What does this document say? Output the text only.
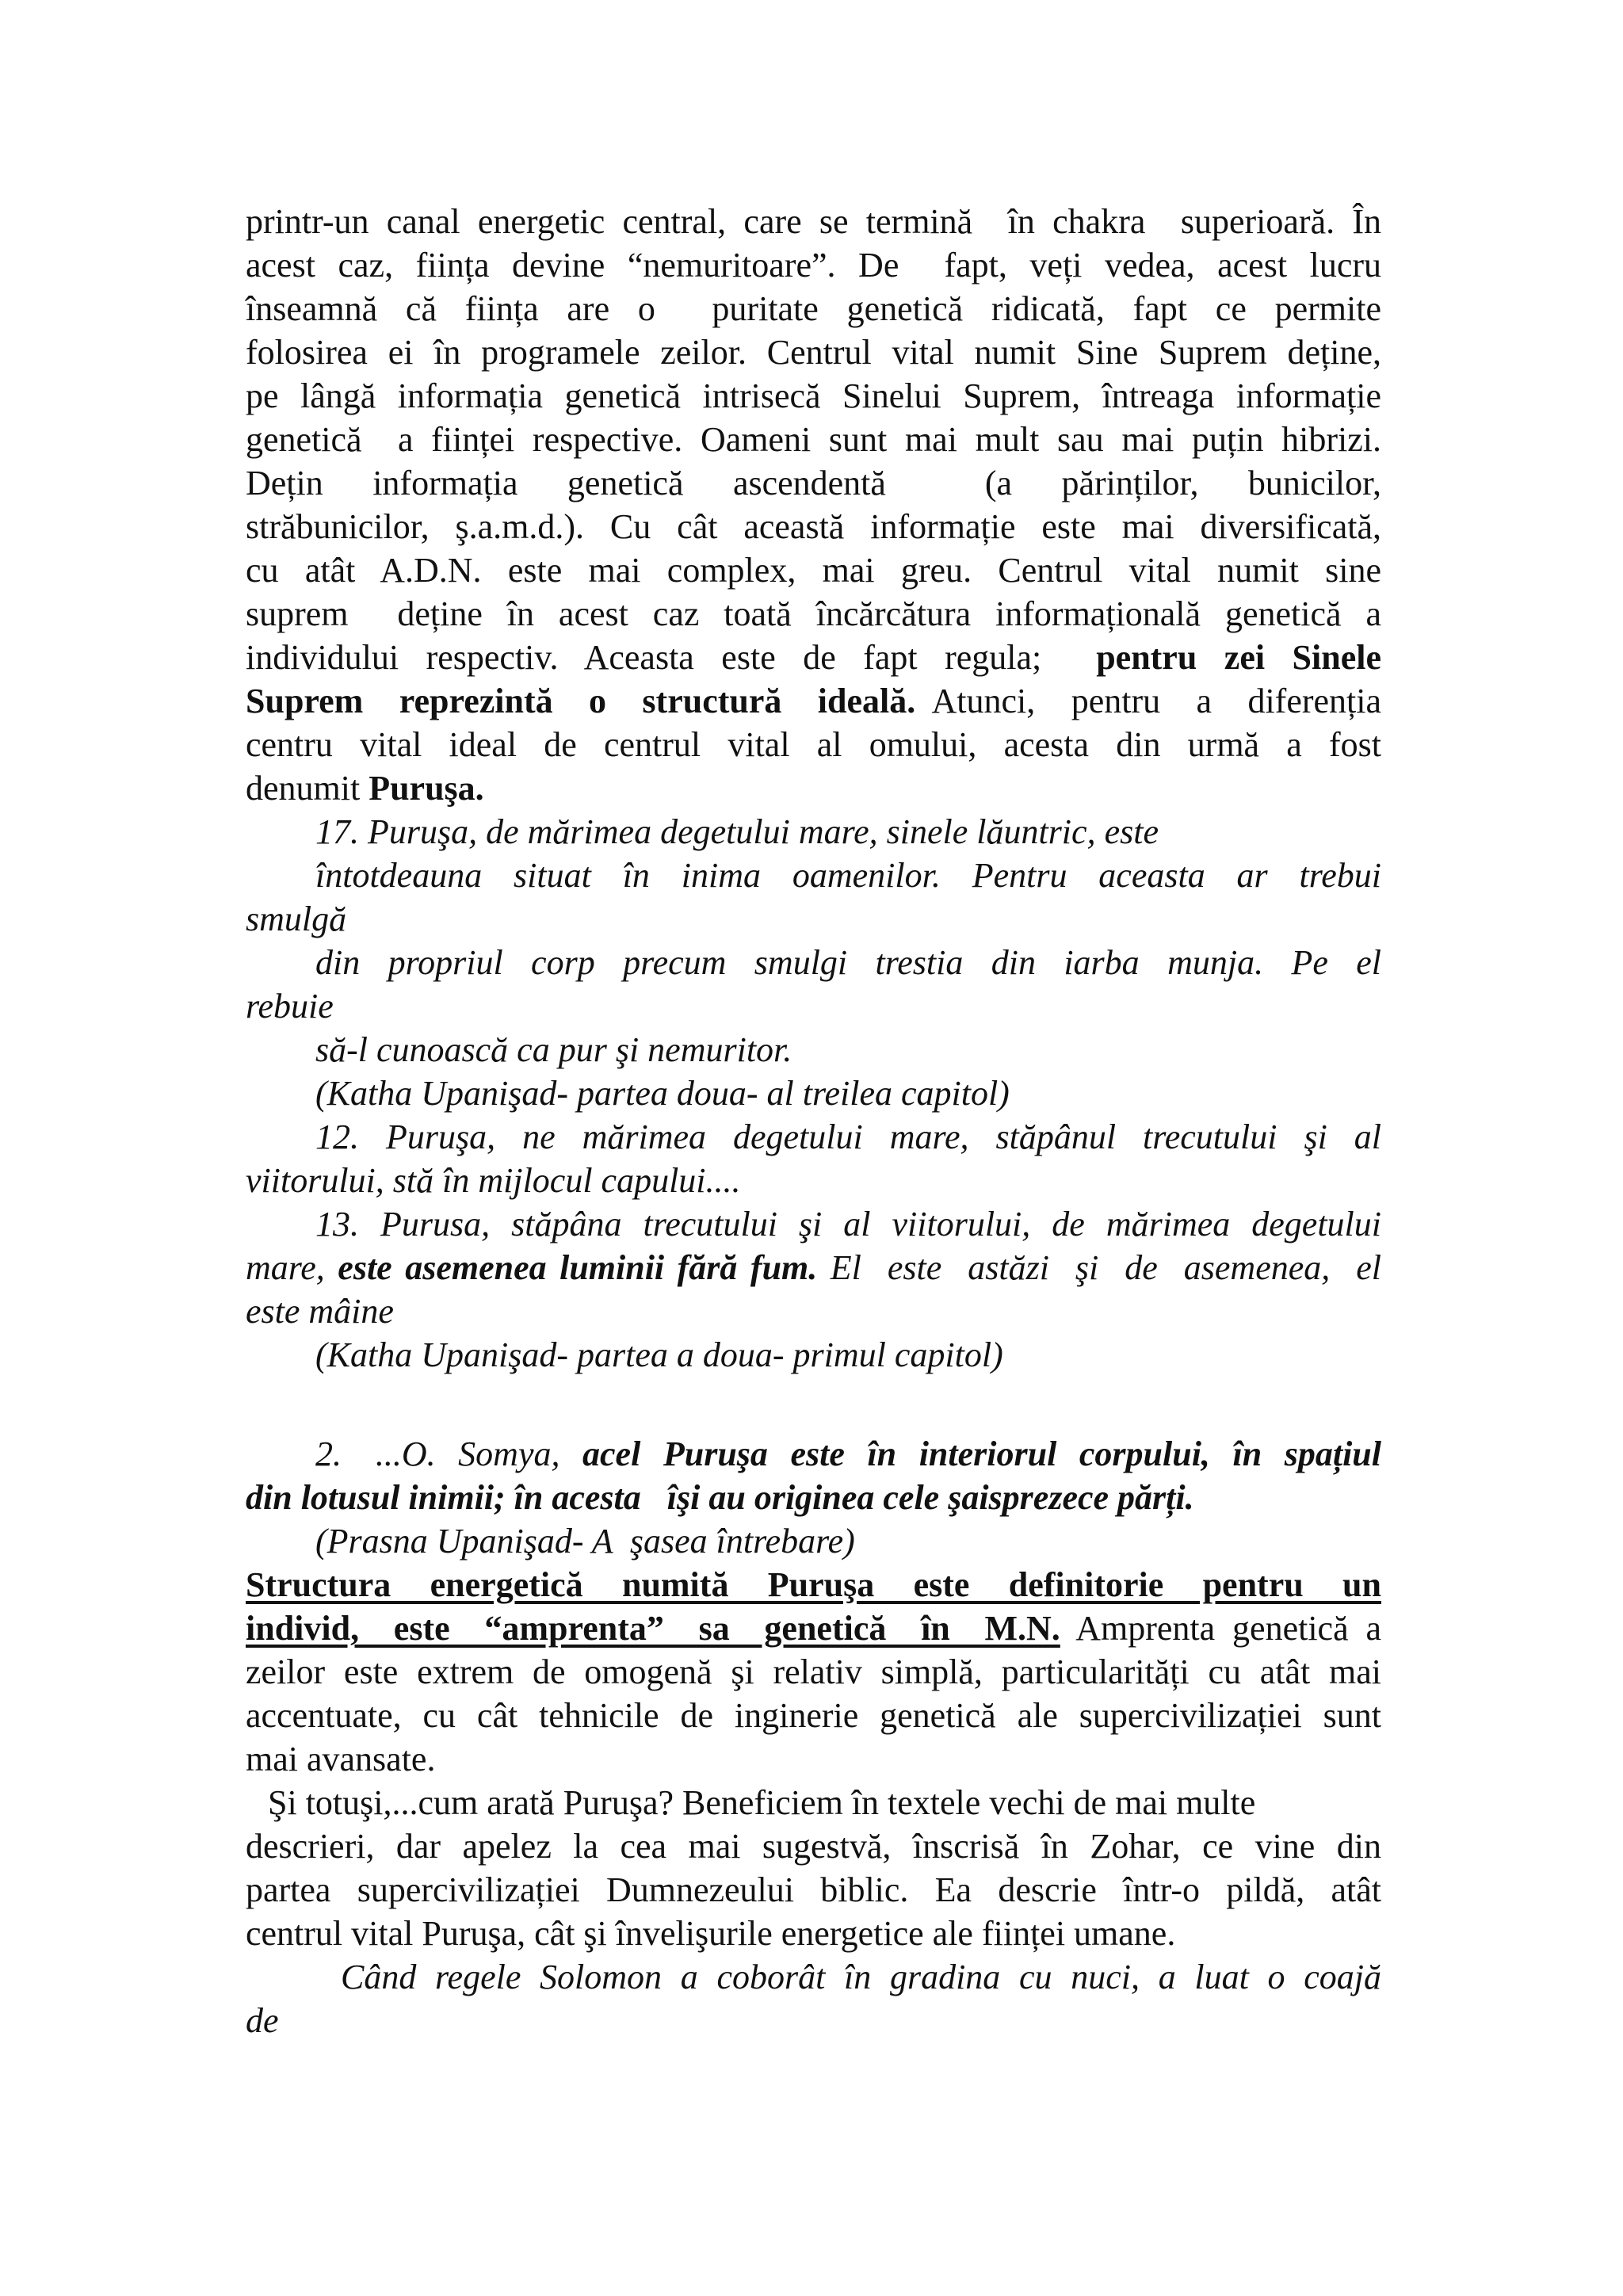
printr-un canal energetic central, care se termină  în chakra  superioară. În

acest caz, ființa devine “nemuritoare”. De  fapt, veți vedea, acest lucru

înseamnă că ființa are o  puritate genetică ridicată, fapt ce permite

folosirea ei în programele zeilor. Centrul vital numit Sine Suprem deține,

pe lângă informația genetică intrisecă Sinelui Suprem, întreaga informație

genetică  a ființei respective. Oameni sunt mai mult sau mai puțin hibrizi.

Dețin  informația  genetică  ascendentă    (a  părinților,  bunicilor,

străbunicilor, ş.a.m.d.). Cu cât această informație este mai diversificată,

cu atât A.D.N. este mai complex, mai greu. Centrul vital numit sine

suprem  deține în acest caz toată încărcătura informațională genetică a

individului respectiv. Aceasta este de fapt regula;  pentru zei Sinele

Suprem  reprezintă  o  structură  ideală. Atunci,  pentru  a  diferenția

centru  vital  ideal  de  centrul  vital  al  omului,  acesta  din  urmă  a  fost

denumit Puruşa.

17. Puruşa, de mărimea degetului mare, sinele lăuntric, este

întotdeauna  situat  în  inima  oamenilor.  Pentru  aceasta  ar  trebui

smulgă

din  propriul  corp  precum  smulgi  trestia  din  iarba  munja.  Pe  el

rebuie

să-l cunoască ca pur şi nemuritor.

(Katha Upanişad- partea doua- al treilea capitol)

12.  Puruşa,  ne  mărimea  degetului  mare,  stăpânul  trecutului  şi  al

viitorului, stă în mijlocul capului....

13.  Purusa,  stăpâna  trecutului  şi  al  viitorului,  de  mărimea  degetului

mare, este asemenea luminii fără fum. El  este  astăzi  şi  de  asemenea,  el

este mâine

(Katha Upanişad- partea a doua- primul capitol)

2.   ...O.  Somya,  acel  Puruşa  este  în  interiorul  corpului,  în  spațiul

din lotusul inimii; în acesta   îşi au originea cele şaisprezece părți.

(Prasna Upanişad- A  şasea întrebare)

Structura   energetică   numită   Puruşa   este   definitorie   pentru   un

individ,  este  “amprenta”  sa  genetică  în  M.N. Amprenta genetică a

zeilor este extrem de omogenă şi relativ simplă, particularități cu atât mai

accentuate, cu cât tehnicile de inginerie genetică ale supercivilizației sunt

mai avansate.

Şi totuşi,...cum arată Puruşa? Beneficiem în textele vechi de mai multe

descrieri, dar apelez la cea mai sugestvă, înscrisă în Zohar, ce vine din

partea supercivilizației Dumnezeului biblic. Ea descrie într-o pildă, atât

centrul vital Puruşa, cât şi învelişurile energetice ale ființei umane.

Când regele Solomon a coborât în gradina cu nuci, a luat o coajă

de
